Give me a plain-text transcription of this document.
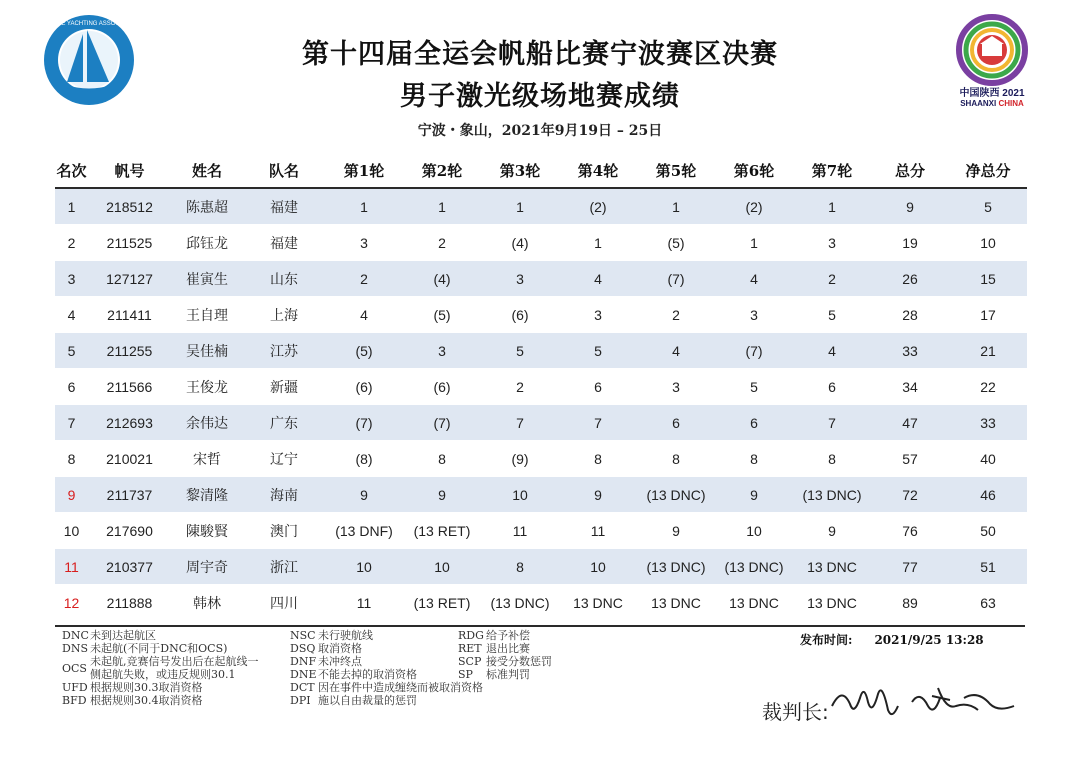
CHINESE YACHTING ASSOCIATION
中国陕西 2021
SHAANXI CHINA
第十四届全运会帆船比赛宁波赛区决赛
男子激光级场地赛成绩
宁波・象山，2021年9月19日 – 25日
名次	帆号	姓名	队名	第1轮	第2轮	第3轮	第4轮	第5轮	第6轮	第7轮	总分	净总分
1	218512	陈惠超	福建	1	1	1	(2)	1	(2)	1	9	5
2	211525	邱钰龙	福建	3	2	(4)	1	(5)	1	3	19	10
3	127127	崔寅生	山东	2	(4)	3	4	(7)	4	2	26	15
4	211411	王自理	上海	4	(5)	(6)	3	2	3	5	28	17
5	211255	吴佳楠	江苏	(5)	3	5	5	4	(7)	4	33	21
6	211566	王俊龙	新疆	(6)	(6)	2	6	3	5	6	34	22
7	212693	余伟达	广东	(7)	(7)	7	7	6	6	7	47	33
8	210021	宋哲	辽宁	(8)	8	(9)	8	8	8	8	57	40
9	211737	黎清隆	海南	9	9	10	9	(13 DNC)	9	(13 DNC)	72	46
10	217690	陳駿賢	澳门	(13 DNF)	(13 RET)	11	11	9	10	9	76	50
11	210377	周宇奇	浙江	10	10	8	10	(13 DNC)	(13 DNC)	13 DNC	77	51
12	211888	韩林	四川	11	(13 RET)	(13 DNC)	13 DNC	13 DNC	13 DNC	13 DNC	89	63
DNC 未到达起航区
DNS 未起航(不同于DNC和OCS)
OCS 未起航,竞赛信号发出后在起航线一侧起航失败，或违反规则30.1
UFD 根据规则30.3取消资格
BFD 根据规则30.4取消资格
NSC 未行驶航线
DSQ 取消资格
DNF 未冲终点
DNE 不能去掉的取消资格
DCT 因在事件中造成缠绕而被取消资格
DPI 施以自由裁量的惩罚
RDG 给予补偿
RET 退出比赛
SCP 接受分数惩罚
SP	标准判罚
发布时间: 2021/9/25 13:28
裁判长:
